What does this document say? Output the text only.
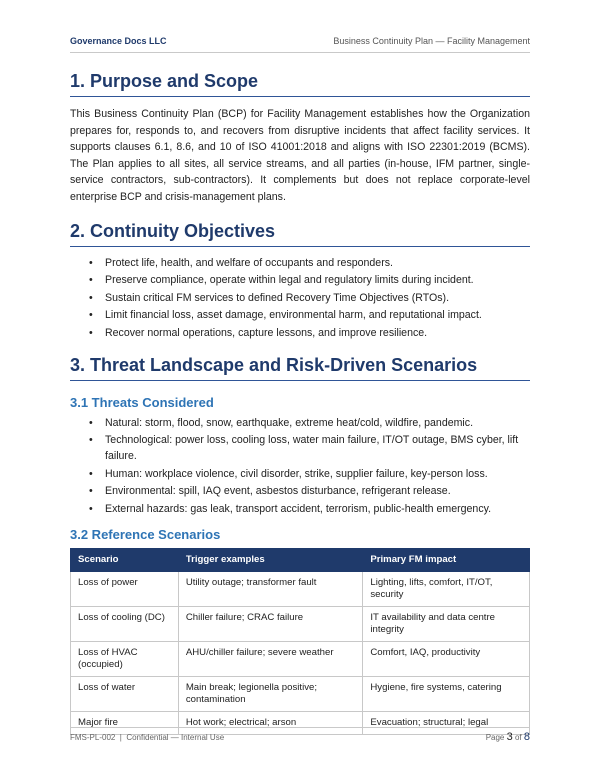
Governance Docs LLC	Business Continuity Plan — Facility Management
1. Purpose and Scope

This Business Continuity Plan (BCP) for Facility Management establishes how the Organization prepares for, responds to, and recovers from disruptive incidents that affect facility services. It supports clauses 6.1, 8.6, and 10 of ISO 41001:2018 and aligns with ISO 22301:2019 (BCMS). The Plan applies to all sites, all service streams, and all parties (in-house, IFM partner, single-service contractors, sub-contractors). It complements but does not replace corporate-level enterprise BCP and crisis-management plans.

2. Continuity Objectives
• Protect life, health, and welfare of occupants and responders.
• Preserve compliance, operate within legal and regulatory limits during incident.
• Sustain critical FM services to defined Recovery Time Objectives (RTOs).
• Limit financial loss, asset damage, environmental harm, and reputational impact.
• Recover normal operations, capture lessons, and improve resilience.
3. Threat Landscape and Risk-Driven Scenarios
3.1 Threats Considered
• Natural: storm, flood, snow, earthquake, extreme heat/cold, wildfire, pandemic.
• Technological: power loss, cooling loss, water main failure, IT/OT outage, BMS cyber, lift failure.
• Human: workplace violence, civil disorder, strike, supplier failure, key-person loss.
• Environmental: spill, IAQ event, asbestos disturbance, refrigerant release.
• External hazards: gas leak, transport accident, terrorism, public-health emergency.
3.2 Reference Scenarios
Scenario	Trigger examples	Primary FM impact
Loss of power	Utility outage; transformer fault	Lighting, lifts, comfort, IT/OT, security
Loss of cooling (DC)	Chiller failure; CRAC failure	IT availability and data centre integrity
Loss of HVAC (occupied)	AHU/chiller failure; severe weather	Comfort, IAQ, productivity
Loss of water	Main break; legionella positive; contamination	Hygiene, fire systems, catering
Major fire	Hot work; electrical; arson	Evacuation; structural; legal
FMS-PL-002  |  Confidential — Internal Use	Page 3 of 8
